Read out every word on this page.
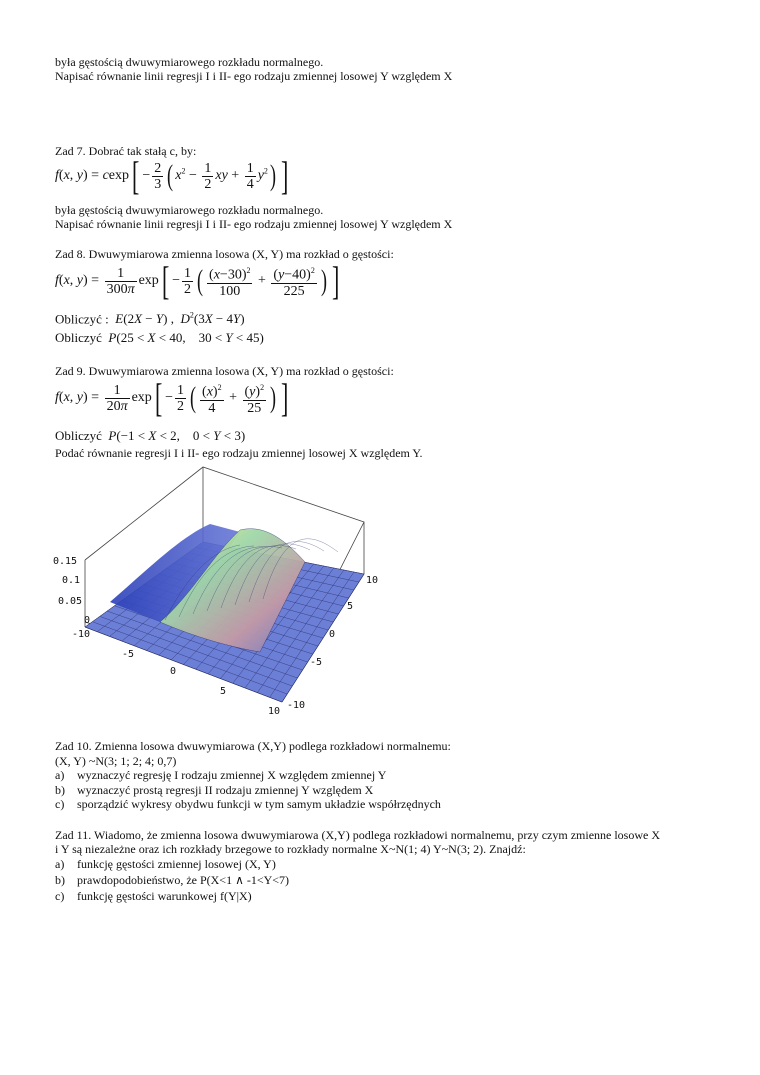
była gęstością dwuwymiarowego rozkładu normalnego.
Napisać równanie linii regresji I i II- ego rodzaju zmiennej losowej Y względem X
Zad 7. Dobrać tak stałą c, by:
f(x, $y) = cexp[ - \frac{2}{3}$ ( $x^2 - \frac{1}{2}$ xy + $\frac{1}{4} y^2$) ]
była gęstością dwuwymiarowego rozkładu normalnego.
Napisać równanie linii regresji I i II- ego rodzaju zmiennej losowej Y względem X
Zad 8. Dwuwymiarowa zmienna losowa (X, Y) ma rozkład o gęstości:
f(x, $y) = \frac{1}{300\pi} \exp[ - \frac{1}{2}$ ( $\frac{(x-30)^2}{100} + \frac{(y-40)^2}{225}$ ) ]
Obliczyć : E(2X − Y) ,  $D^2(3X - 4Y)$
Obliczyć P(25 < X < 40,    30 < Y < 45)
Zad 9. Dwuwymiarowa zmienna losowa (X, Y) ma rozkład o gęstości:
f(x, $y) = \frac{1}{20\pi} \exp[ - \frac{1}{2}$ ( $\frac{(x)^2}{4} + \frac{(y)^2}{25}$ ) ]
Obliczyć P(−1 < X < 2,    0 < Y < 3)
Podać równanie regresji I i II- ego rodzaju zmiennej losowej X względem Y.
0.15
0.1
0.05
0
-10
-5
0
5
10
10
5
0
-5
-10
Zad 10. Zmienna losowa dwuwymiarowa (X,Y) podlega rozkładowi normalnemu:
(X, Y) ~N(3; 1; 2; 4; 0,7)
a) wyznaczyć regresję I rodzaju zmiennej X względem zmiennej Y
b) wyznaczyć prostą regresji II rodzaju zmiennej Y względem X
c) sporządzić wykresy obydwu funkcji w tym samym układzie współrzędnych
Zad 11. Wiadomo, że zmienna losowa dwuwymiarowa (X,Y) podlega rozkładowi normalnemu, przy czym zmienne losowe X
i Y są niezależne oraz ich rozkłady brzegowe to rozkłady normalne X~N(1; 4) Y~N(3; 2). Znajdź:
a) funkcję gęstości zmiennej losowej (X, Y)
b) prawdopodobieństwo, że P(X<1 ∧ -1<Y<7)
c) funkcję gęstości warunkowej f(Y|X)
